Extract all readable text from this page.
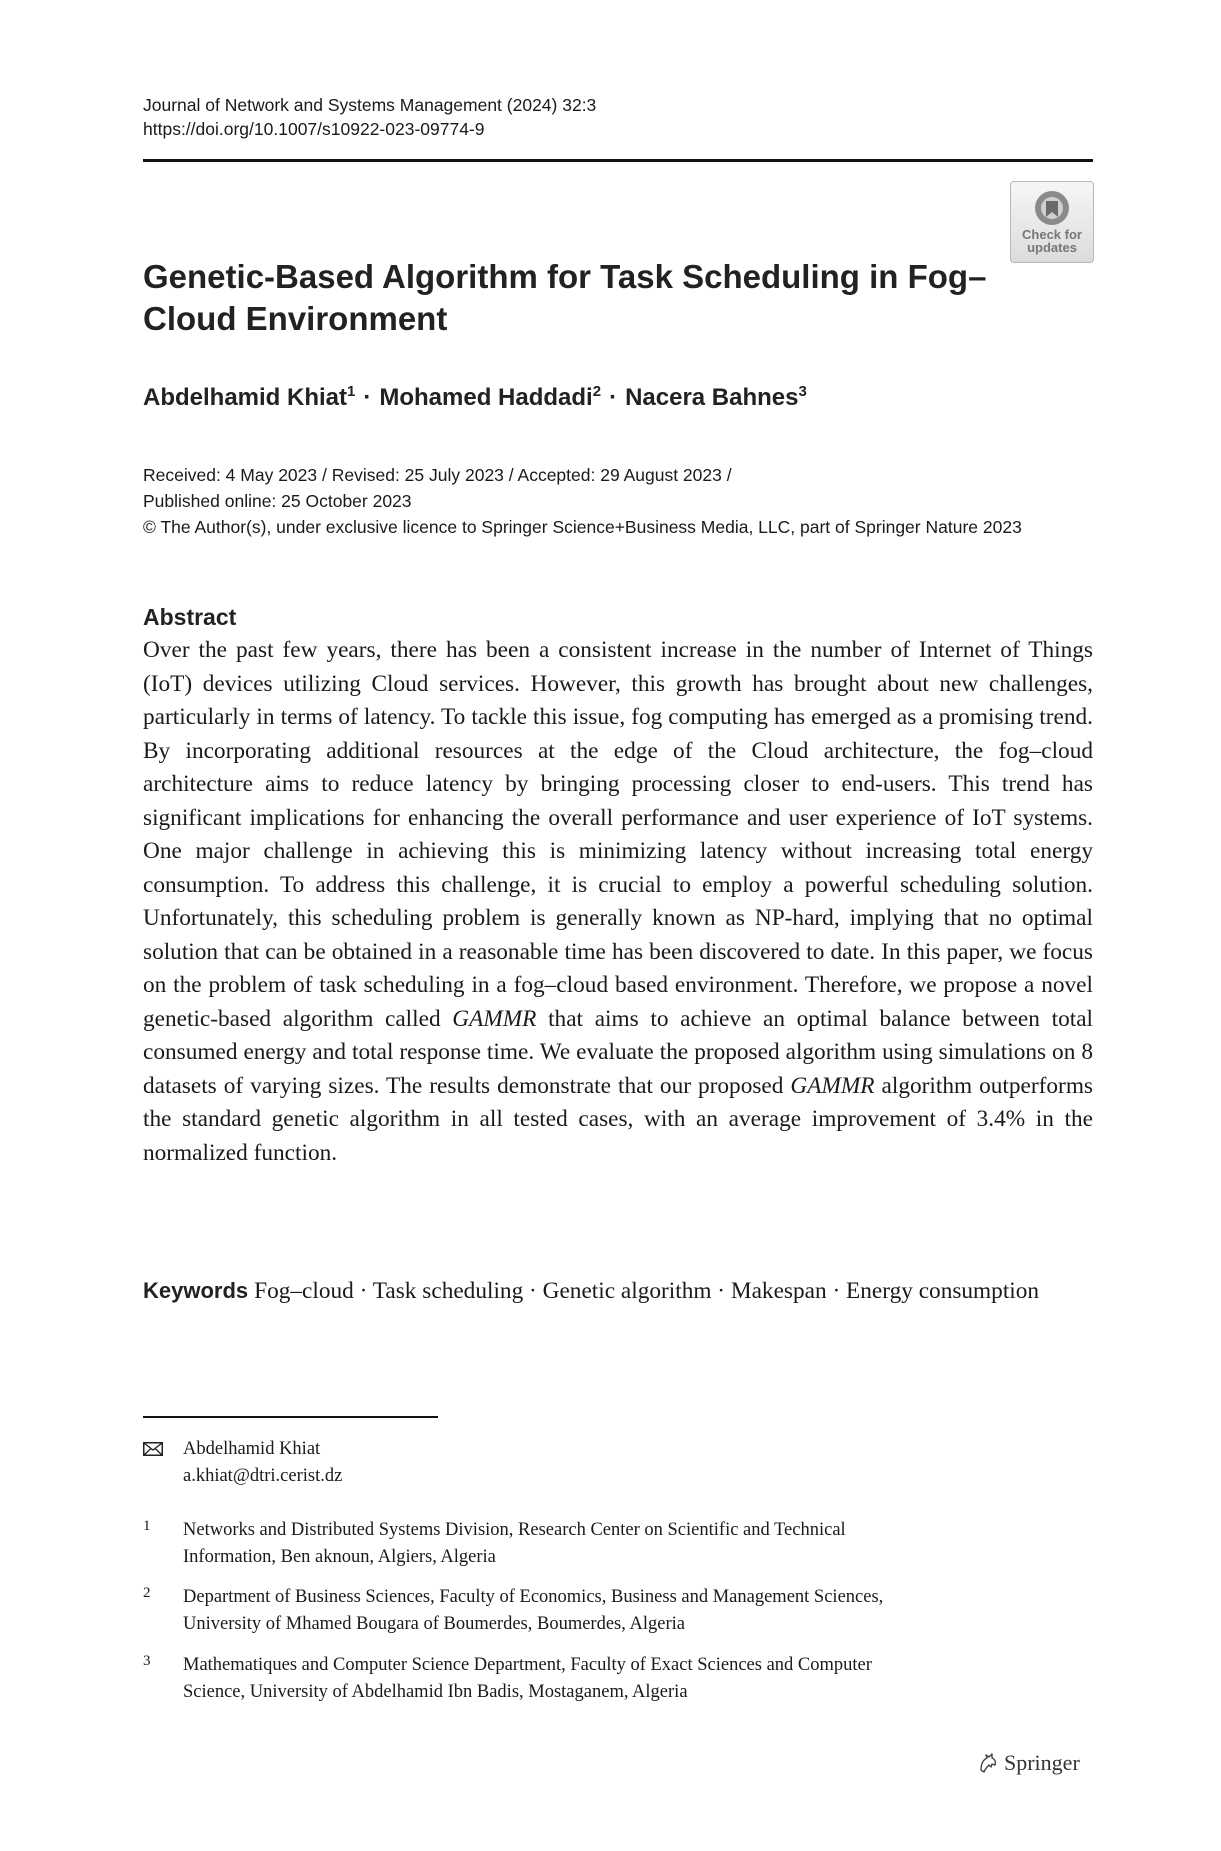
Journal of Network and Systems Management (2024) 32:3
https://doi.org/10.1007/s10922-023-09774-9
Check for
updates
Genetic-Based Algorithm for Task Scheduling in Fog–Cloud Environment
Abdelhamid Khiat$^1$ · Mohamed Haddadi$^2$ · Nacera Bahnes$^3$
Received: 4 May 2023 / Revised: 25 July 2023 / Accepted: 29 August 2023 /
Published online: 25 October 2023
© The Author(s), under exclusive licence to Springer Science+Business Media, LLC, part of Springer Nature 2023
Abstract

Over the past few years, there has been a consistent increase in the number of Internet of Things (IoT) devices utilizing Cloud services. However, this growth has brought about new challenges, particularly in terms of latency. To tackle this issue, fog computing has emerged as a promising trend. By incorporating additional resources at the edge of the Cloud architecture, the fog–cloud architecture aims to reduce latency by bringing processing closer to end-users. This trend has significant implications for enhancing the overall performance and user experience of IoT systems. One major challenge in achieving this is minimizing latency without increasing total energy consumption. To address this challenge, it is crucial to employ a powerful scheduling solution. Unfortunately, this scheduling problem is generally known as NP-hard, implying that no optimal solution that can be obtained in a reasonable time has been discovered to date. In this paper, we focus on the problem of task scheduling in a fog–cloud based environment. Therefore, we propose a novel genetic-based algorithm called GAMMR that aims to achieve an optimal balance between total consumed energy and total response time. We evaluate the proposed algorithm using simulations on 8 datasets of varying sizes. The results demonstrate that our proposed GAMMR algorithm outperforms the standard genetic algorithm in all tested cases, with an average improvement of 3.4% in the normalized function.

Keywords Fog–cloud · Task scheduling · Genetic algorithm · Makespan · Energy consumption
Abdelhamid Khiat
a.khiat@dtri.cerist.dz
1 Networks and Distributed Systems Division, Research Center on Scientific and Technical
Information, Ben aknoun, Algiers, Algeria
2 Department of Business Sciences, Faculty of Economics, Business and Management Sciences,
University of Mhamed Bougara of Boumerdes, Boumerdes, Algeria
3 Mathematiques and Computer Science Department, Faculty of Exact Sciences and Computer
Science, University of Abdelhamid Ibn Badis, Mostaganem, Algeria
Springer
